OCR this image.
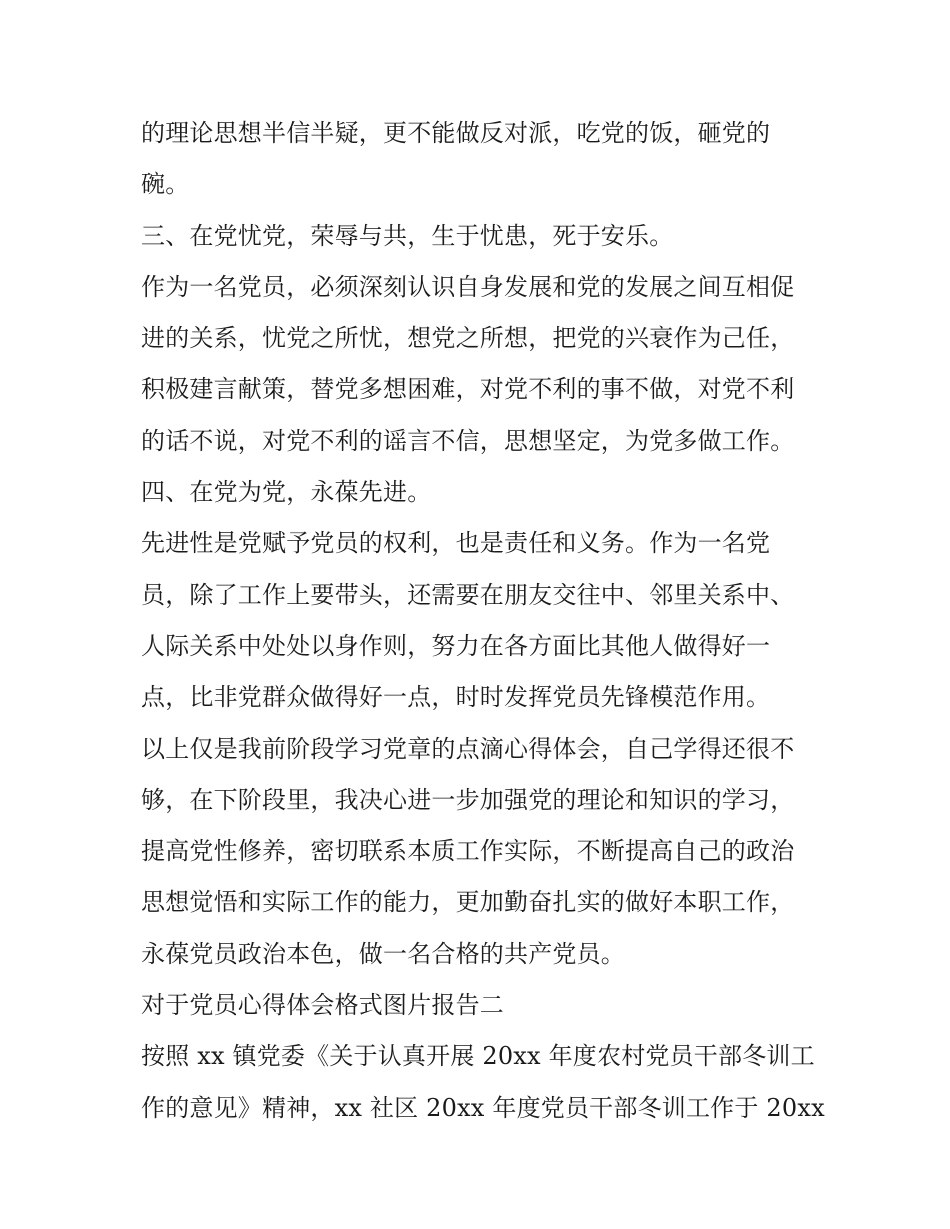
的理论思想半信半疑，更不能做反对派，吃党的饭，砸党的
碗。
三、在党忧党，荣辱与共，生于忧患，死于安乐。
作为一名党员，必须深刻认识自身发展和党的发展之间互相促
进的关系，忧党之所忧，想党之所想，把党的兴衰作为己任，
积极建言献策，替党多想困难，对党不利的事不做，对党不利
的话不说，对党不利的谣言不信，思想坚定，为党多做工作。
四、在党为党，永葆先进。
先进性是党赋予党员的权利，也是责任和义务。作为一名党
员，除了工作上要带头，还需要在朋友交往中、邻里关系中、
人际关系中处处以身作则，努力在各方面比其他人做得好一
点，比非党群众做得好一点，时时发挥党员先锋模范作用。
以上仅是我前阶段学习党章的点滴心得体会，自己学得还很不
够，在下阶段里，我决心进一步加强党的理论和知识的学习，
提高党性修养，密切联系本质工作实际，不断提高自己的政治
思想觉悟和实际工作的能力，更加勤奋扎实的做好本职工作，
永葆党员政治本色，做一名合格的共产党员。
对于党员心得体会格式图片报告二
按照 xx 镇党委《关于认真开展 20xx 年度农村党员干部冬训工
作的意见》精神，xx 社区 20xx 年度党员干部冬训工作于 20xx
